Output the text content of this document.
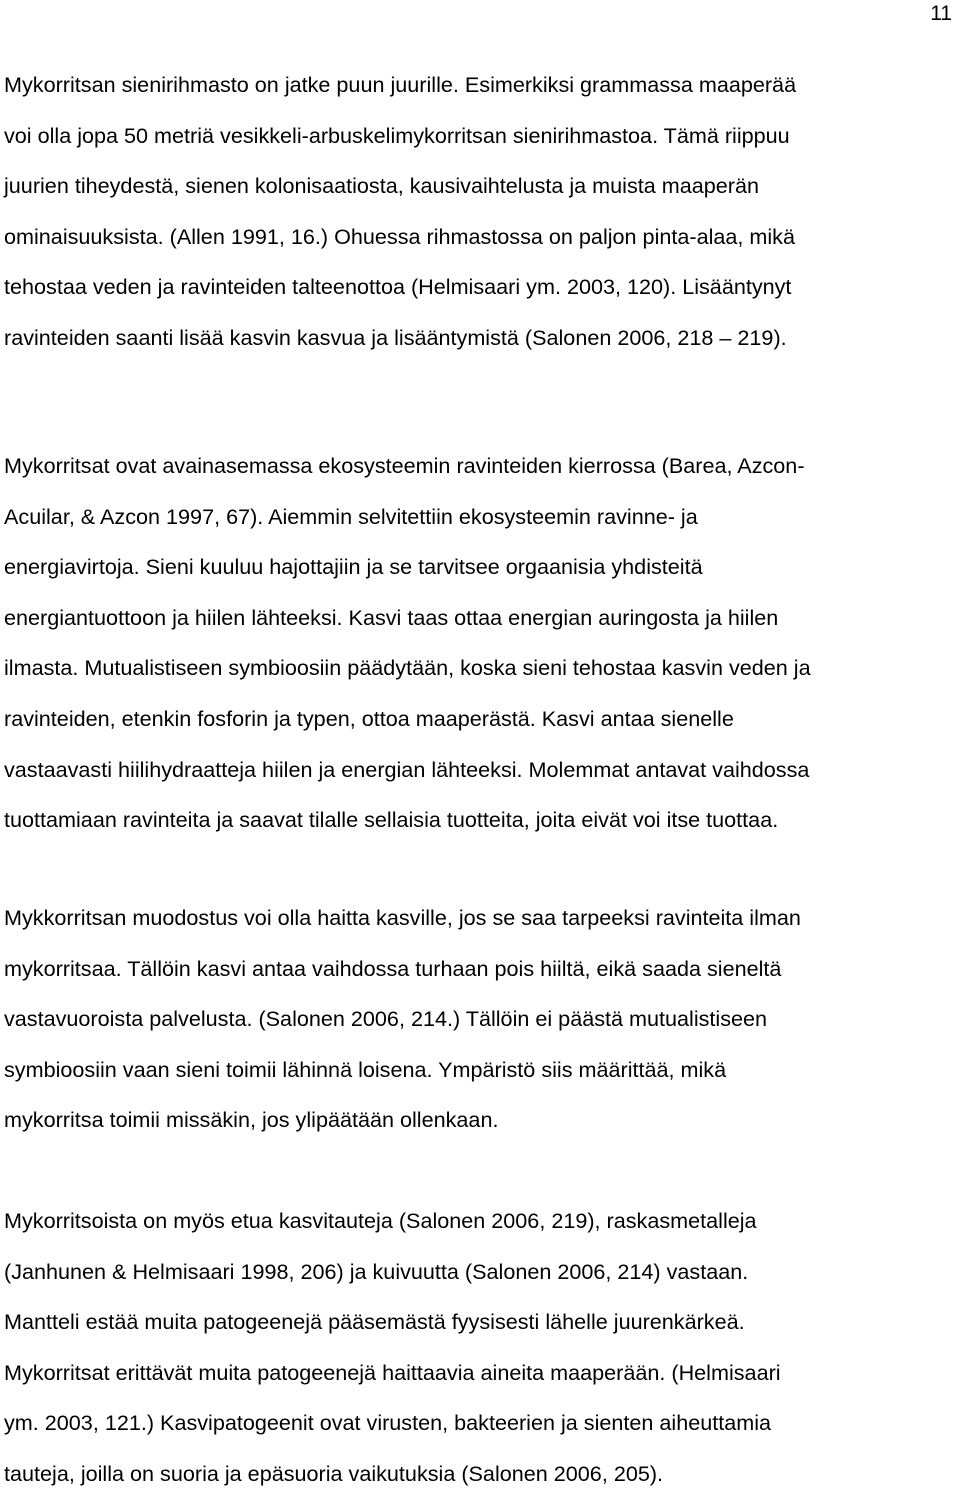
11
Mykorritsan sienirihmasto on jatke puun juurille. Esimerkiksi grammassa maaperää
voi olla jopa 50 metriä vesikkeli-arbuskelimykorritsan sienirihmastoa. Tämä riippuu
juurien tiheydestä, sienen kolonisaatiosta, kausivaihtelusta ja muista maaperän
ominaisuuksista. (Allen 1991, 16.) Ohuessa rihmastossa on paljon pinta-alaa, mikä
tehostaa veden ja ravinteiden talteenottoa (Helmisaari ym. 2003, 120). Lisääntynyt
ravinteiden saanti lisää kasvin kasvua ja lisääntymistä (Salonen 2006, 218 – 219).
Mykorritsat ovat avainasemassa ekosysteemin ravinteiden kierrossa (Barea, Azcon-
Acuilar, & Azcon 1997, 67). Aiemmin selvitettiin ekosysteemin ravinne- ja
energiavirtoja. Sieni kuuluu hajottajiin ja se tarvitsee orgaanisia yhdisteitä
energiantuottoon ja hiilen lähteeksi. Kasvi taas ottaa energian auringosta ja hiilen
ilmasta. Mutualistiseen symbioosiin päädytään, koska sieni tehostaa kasvin veden ja
ravinteiden, etenkin fosforin ja typen, ottoa maaperästä. Kasvi antaa sienelle
vastaavasti hiilihydraatteja hiilen ja energian lähteeksi. Molemmat antavat vaihdossa
tuottamiaan ravinteita ja saavat tilalle sellaisia tuotteita, joita eivät voi itse tuottaa.
Mykkorritsan muodostus voi olla haitta kasville, jos se saa tarpeeksi ravinteita ilman
mykorritsaa. Tällöin kasvi antaa vaihdossa turhaan pois hiiltä, eikä saada sieneltä
vastavuoroista palvelusta. (Salonen 2006, 214.) Tällöin ei päästä mutualistiseen
symbioosiin vaan sieni toimii lähinnä loisena. Ympäristö siis määrittää, mikä
mykorritsa toimii missäkin, jos ylipäätään ollenkaan.
Mykorritsoista on myös etua kasvitauteja (Salonen 2006, 219), raskasmetalleja
(Janhunen & Helmisaari 1998, 206) ja kuivuutta (Salonen 2006, 214) vastaan.
Mantteli estää muita patogeenejä pääsemästä fyysisesti lähelle juurenkärkeä.
Mykorritsat erittävät muita patogeenejä haittaavia aineita maaperään. (Helmisaari
ym. 2003, 121.) Kasvipatogeenit ovat virusten, bakteerien ja sienten aiheuttamia
tauteja, joilla on suoria ja epäsuoria vaikutuksia (Salonen 2006, 205).
